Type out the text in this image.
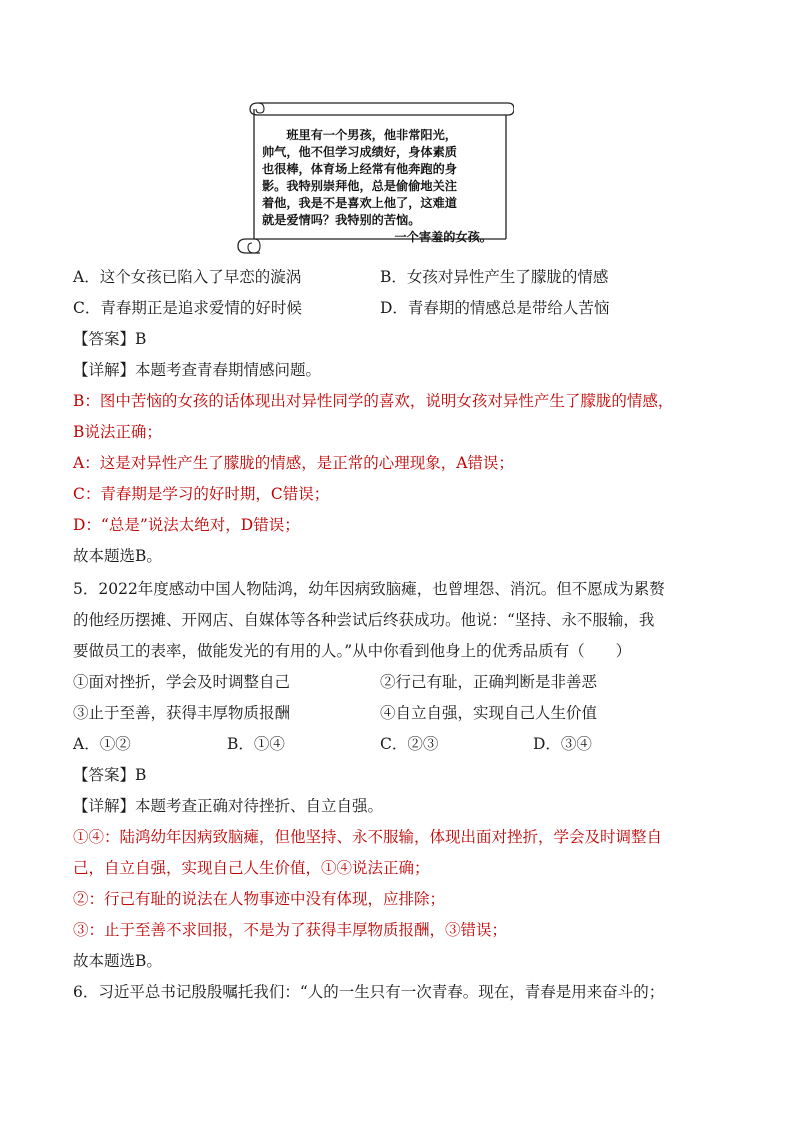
　　班里有一个男孩，他非常阳光，
帅气，他不但学习成绩好，身体素质
也很棒，体育场上经常有他奔跑的身
影。我特别崇拜他，总是偷偷地关注
着他，我是不是喜欢上他了，这难道
就是爱情吗？我特别的苦恼。
一个害羞的女孩。
A．这个女孩已陷入了早恋的漩涡	B．女孩对异性产生了朦胧的情感
C．青春期正是追求爱情的好时候	D．青春期的情感总是带给人苦恼
【答案】B
【详解】本题考查青春期情感问题。
B：图中苦恼的女孩的话体现出对异性同学的喜欢，说明女孩对异性产生了朦胧的情感，
B说法正确；
A：这是对异性产生了朦胧的情感，是正常的心理现象，A错误；
C：青春期是学习的好时期，C错误；
D：“总是”说法太绝对，D错误；
故本题选B。
5．2022年度感动中国人物陆鸿，幼年因病致脑瘫，也曾埋怨、消沉。但不愿成为累赘
的他经历摆摊、开网店、自媒体等各种尝试后终获成功。他说：“坚持、永不服输，我
要做员工的表率，做能发光的有用的人。”从中你看到他身上的优秀品质有（　　）
①面对挫折，学会及时调整自己	②行己有耻，正确判断是非善恶
③止于至善，获得丰厚物质报酬	④自立自强，实现自己人生价值
A．①②	B．①④	C．②③	D．③④
【答案】B
【详解】本题考查正确对待挫折、自立自强。
①④：陆鸿幼年因病致脑瘫，但他坚持、永不服输，体现出面对挫折，学会及时调整自
己，自立自强，实现自己人生价值，①④说法正确；
②：行己有耻的说法在人物事迹中没有体现，应排除；
③：止于至善不求回报，不是为了获得丰厚物质报酬，③错误；
故本题选B。
6．习近平总书记殷殷嘱托我们：“人的一生只有一次青春。现在，青春是用来奋斗的；
